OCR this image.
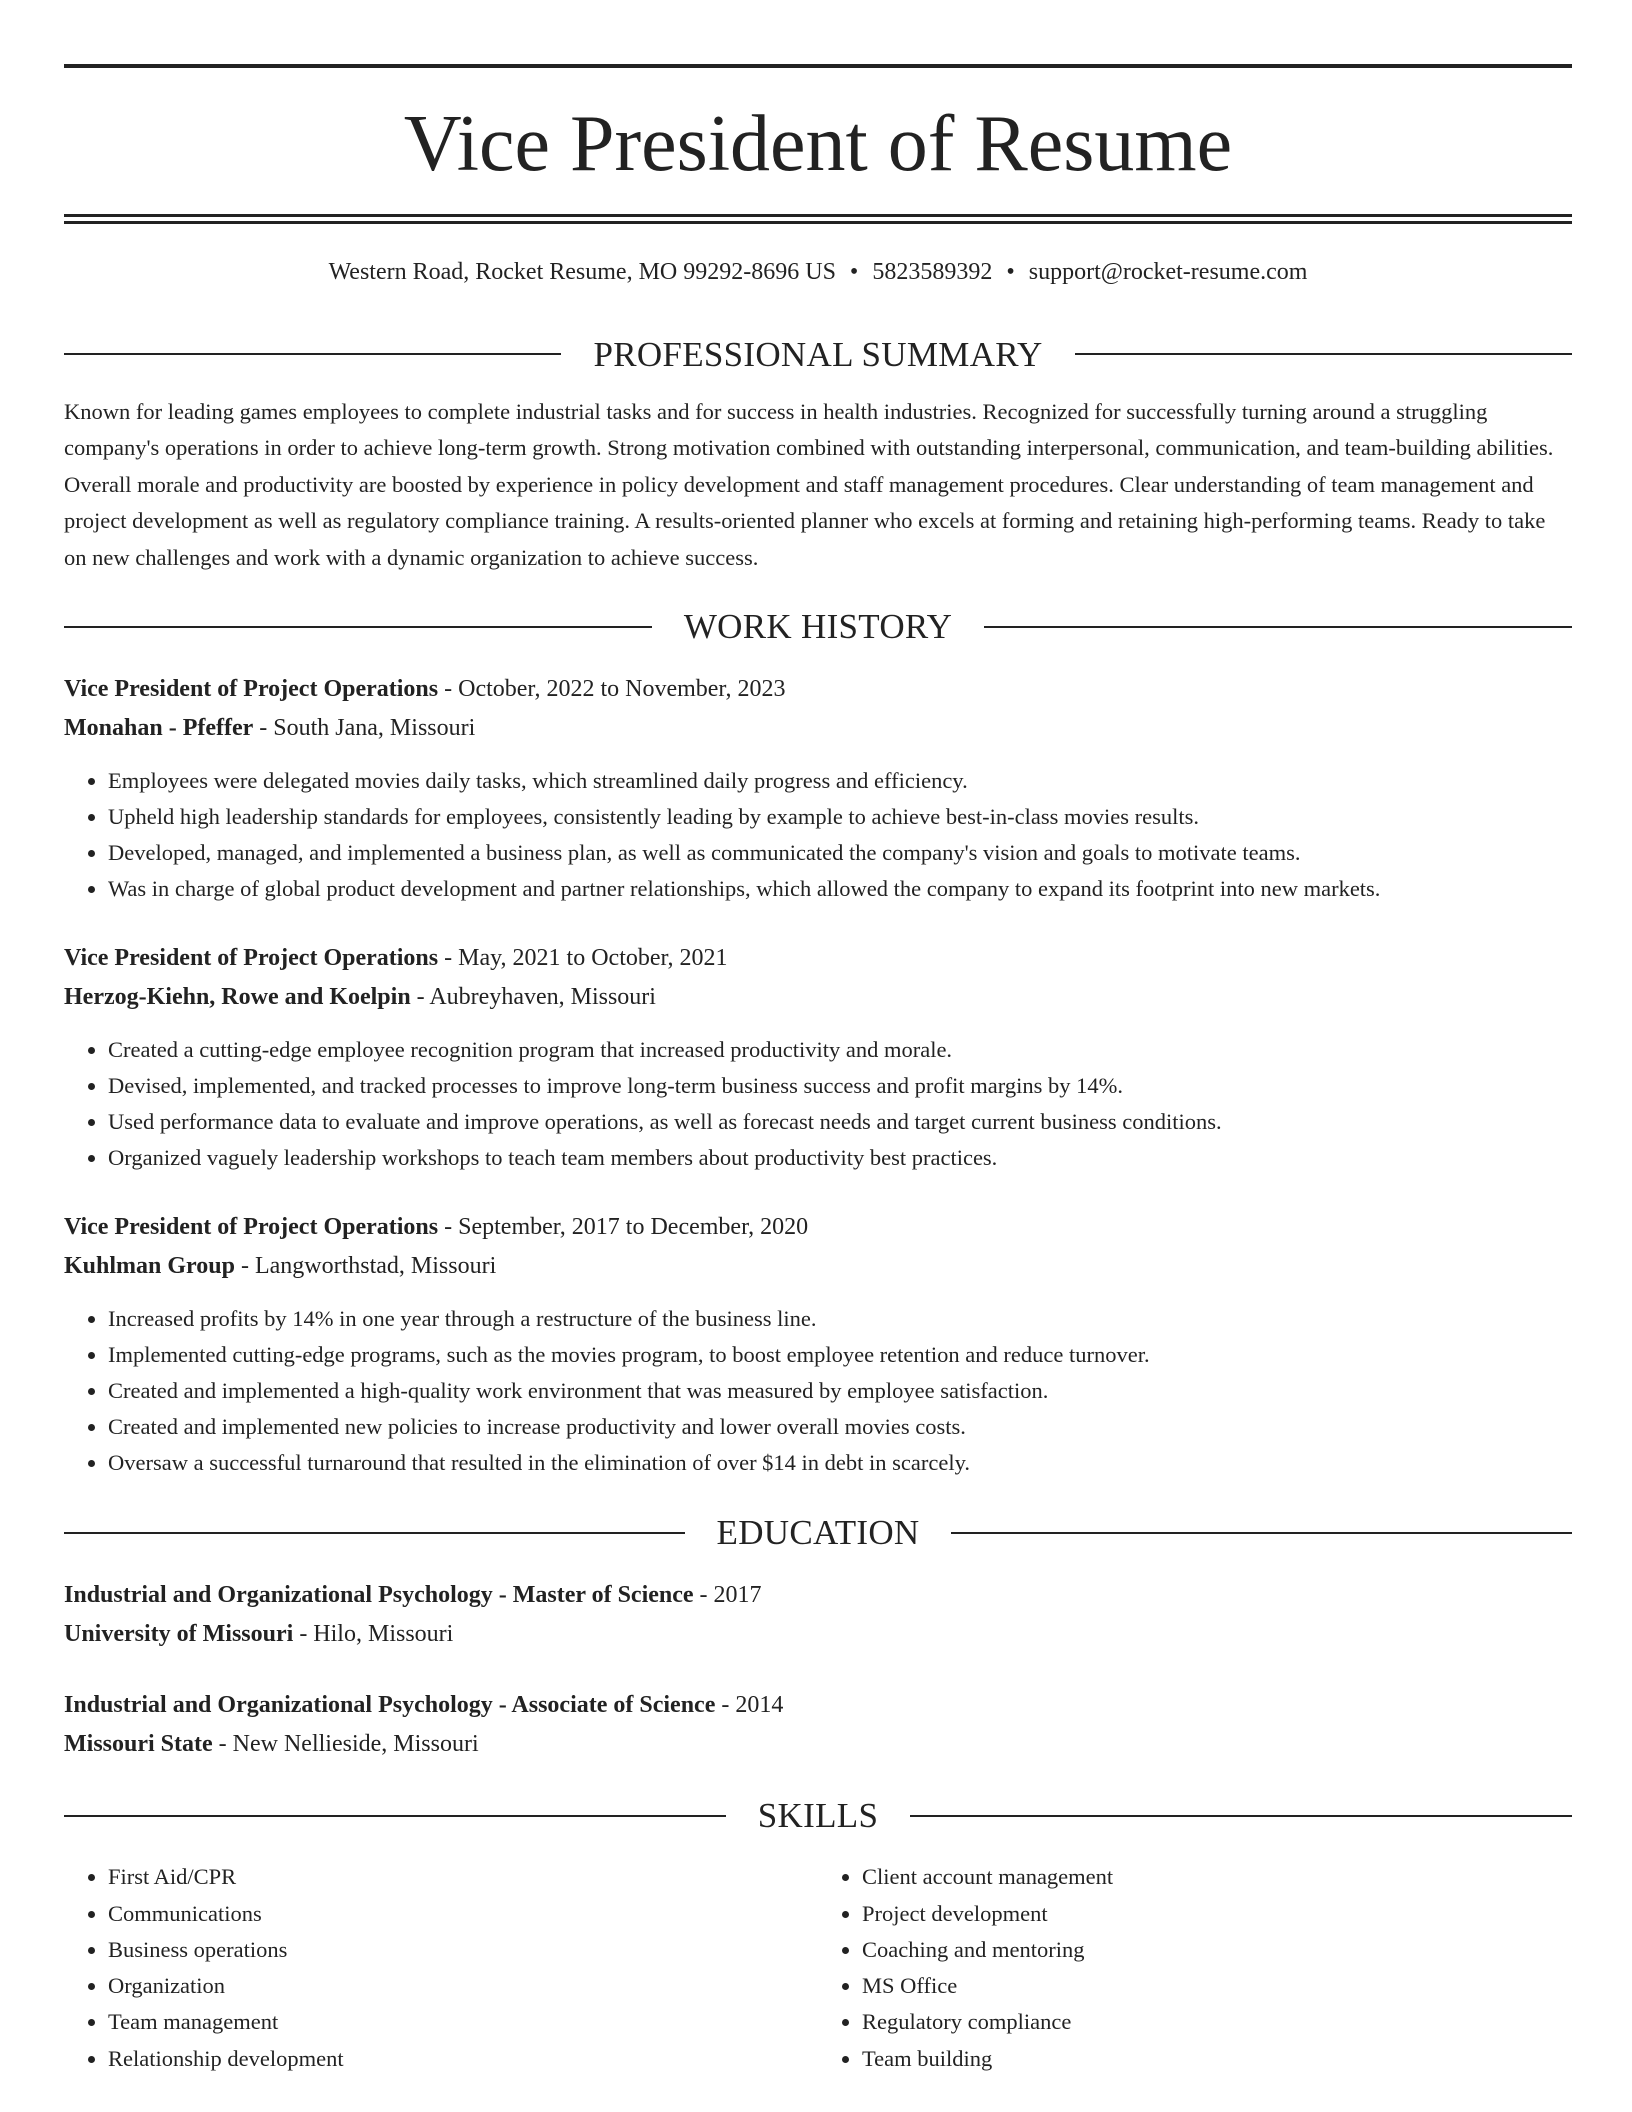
Vice President of Resume
Western Road, Rocket Resume, MO 99292-8696 US • 5823589392 • support@rocket-resume.com
PROFESSIONAL SUMMARY

Known for leading games employees to complete industrial tasks and for success in health industries. Recognized for successfully turning around a struggling company's operations in order to achieve long-term growth. Strong motivation combined with outstanding interpersonal, communication, and team-building abilities. Overall morale and productivity are boosted by experience in policy development and staff management procedures. Clear understanding of team management and project development as well as regulatory compliance training. A results-oriented planner who excels at forming and retaining high-performing teams. Ready to take on new challenges and work with a dynamic organization to achieve success.

WORK HISTORY
Vice President of Project Operations - October, 2022 to November, 2023
Monahan - Pfeffer - South Jana, Missouri
• Employees were delegated movies daily tasks, which streamlined daily progress and efficiency.
• Upheld high leadership standards for employees, consistently leading by example to achieve best-in-class movies results.
• Developed, managed, and implemented a business plan, as well as communicated the company's vision and goals to motivate teams.
• Was in charge of global product development and partner relationships, which allowed the company to expand its footprint into new markets.
Vice President of Project Operations - May, 2021 to October, 2021
Herzog-Kiehn, Rowe and Koelpin - Aubreyhaven, Missouri
• Created a cutting-edge employee recognition program that increased productivity and morale.
• Devised, implemented, and tracked processes to improve long-term business success and profit margins by 14%.
• Used performance data to evaluate and improve operations, as well as forecast needs and target current business conditions.
• Organized vaguely leadership workshops to teach team members about productivity best practices.
Vice President of Project Operations - September, 2017 to December, 2020
Kuhlman Group - Langworthstad, Missouri
• Increased profits by 14% in one year through a restructure of the business line.
• Implemented cutting-edge programs, such as the movies program, to boost employee retention and reduce turnover.
• Created and implemented a high-quality work environment that was measured by employee satisfaction.
• Created and implemented new policies to increase productivity and lower overall movies costs.
• Oversaw a successful turnaround that resulted in the elimination of over $14 in debt in scarcely.
EDUCATION
Industrial and Organizational Psychology - Master of Science - 2017
University of Missouri - Hilo, Missouri
Industrial and Organizational Psychology - Associate of Science - 2014
Missouri State - New Nellieside, Missouri
SKILLS
• First Aid/CPR
• Communications
• Business operations
• Organization
• Team management
• Relationship development
• Client account management
• Project development
• Coaching and mentoring
• MS Office
• Regulatory compliance
• Team building
